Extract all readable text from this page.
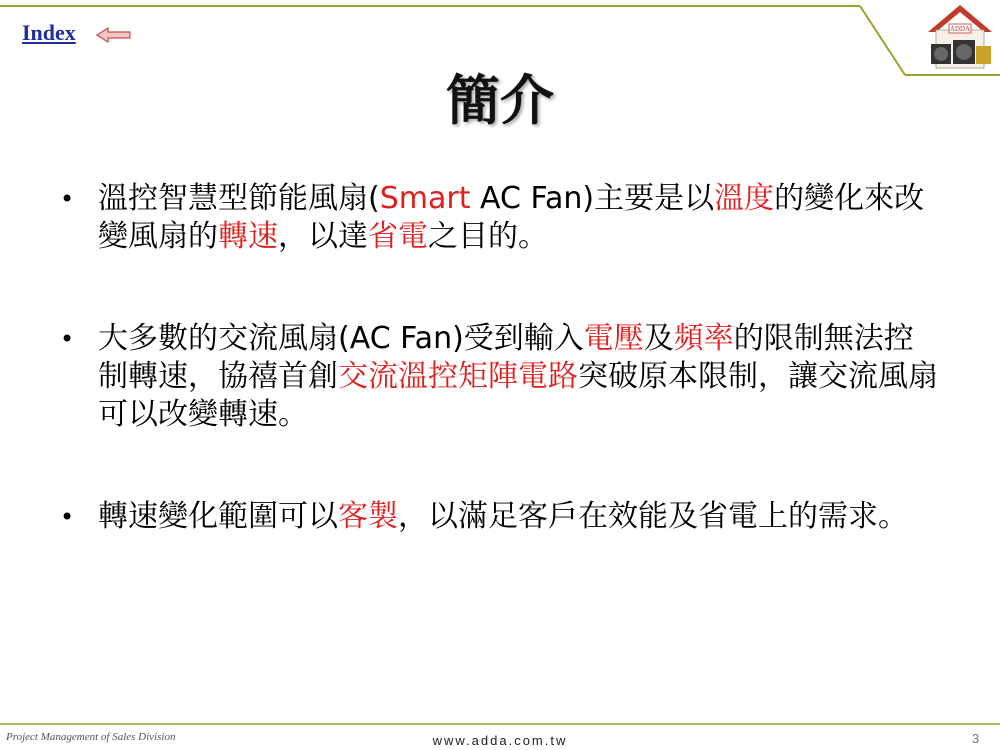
Index	ADDA
簡介
• 溫控智慧型節能風扇(Smart AC Fan)主要是以溫度的變化來改變風扇的轉速，以達省電之目的。
• 大多數的交流風扇(AC Fan)受到輸入電壓及頻率的限制無法控制轉速，協禧首創交流溫控矩陣電路突破原本限制，讓交流風扇可以改變轉速。
• 轉速變化範圍可以客製，以滿足客戶在效能及省電上的需求。
Project Management of Sales Division	www.adda.com.tw	3
